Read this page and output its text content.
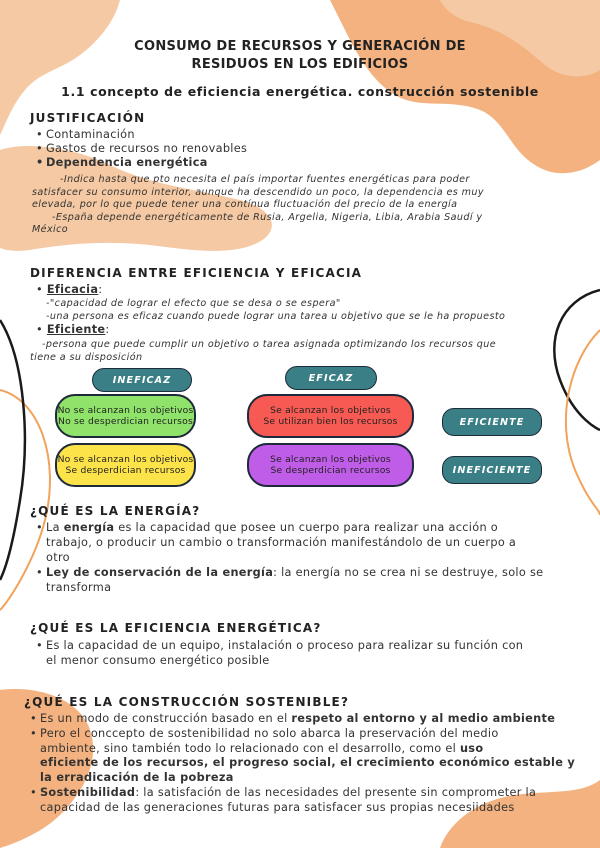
CONSUMO DE RECURSOS Y GENERACIÓN DE
RESIDUOS EN LOS EDIFICIOS
1.1 concepto de eficiencia energética. construcción sostenible
JUSTIFICACIÓN
• Contaminación
• Gastos de recursos no renovables
• Dependencia energética
-Indica hasta que pto necesita el país importar fuentes energéticas para poder
satisfacer su consumo interior, aunque ha descendido un poco, la dependencia es muy
elevada, por lo que puede tener una contínua fluctuación del precio de la energía
-España depende energéticamente de Rusia, Argelia, Nigeria, Libia, Arabia Saudí y
México
DIFERENCIA ENTRE EFICIENCIA Y EFICACIA
• Eficacia:
-"capacidad de lograr el efecto que se desa o se espera"
-una persona es eficaz cuando puede lograr una tarea u objetivo que se le ha propuesto
• Eficiente:
-persona que puede cumplir un objetivo o tarea asignada optimizando los recursos que
tiene a su disposición
INEFICAZ	EFICAZ
EFICIENTE
INEFICIENTE
No se alcanzan los objetivos
No se desperdician recursos
Se alcanzan los objetivos
Se utilizan bien los recursos
No se alcanzan los objetivos
Se desperdician recursos
Se alcanzan los objetivos
Se desperdician recursos
¿QUÉ ES LA ENERGÍA?
• La energía es la capacidad que posee un cuerpo para realizar una acción o
trabajo, o producir un cambio o transformación manifestándolo de un cuerpo a
otro
• Ley de conservación de la energía: la energía no se crea ni se destruye, solo se
transforma
¿QUÉ ES LA EFICIENCIA ENERGÉTICA?
• Es la capacidad de un equipo, instalación o proceso para realizar su función con
el menor consumo energético posible
¿QUÉ ES LA CONSTRUCCIÓN SOSTENIBLE?
• Es un modo de construcción basado en el respeto al entorno y al medio ambiente
• Pero el conccepto de sostenibilidad no solo abarca la preservación del medio
ambiente, sino también todo lo relacionado con el desarrollo, como el uso
eficiente de los recursos, el progreso social, el crecimiento económico estable y
la erradicación de la pobreza
• Sostenibilidad: la satisfación de las necesidades del presente sin comprometer la
capacidad de las generaciones futuras para satisfacer sus propias necesiidades
